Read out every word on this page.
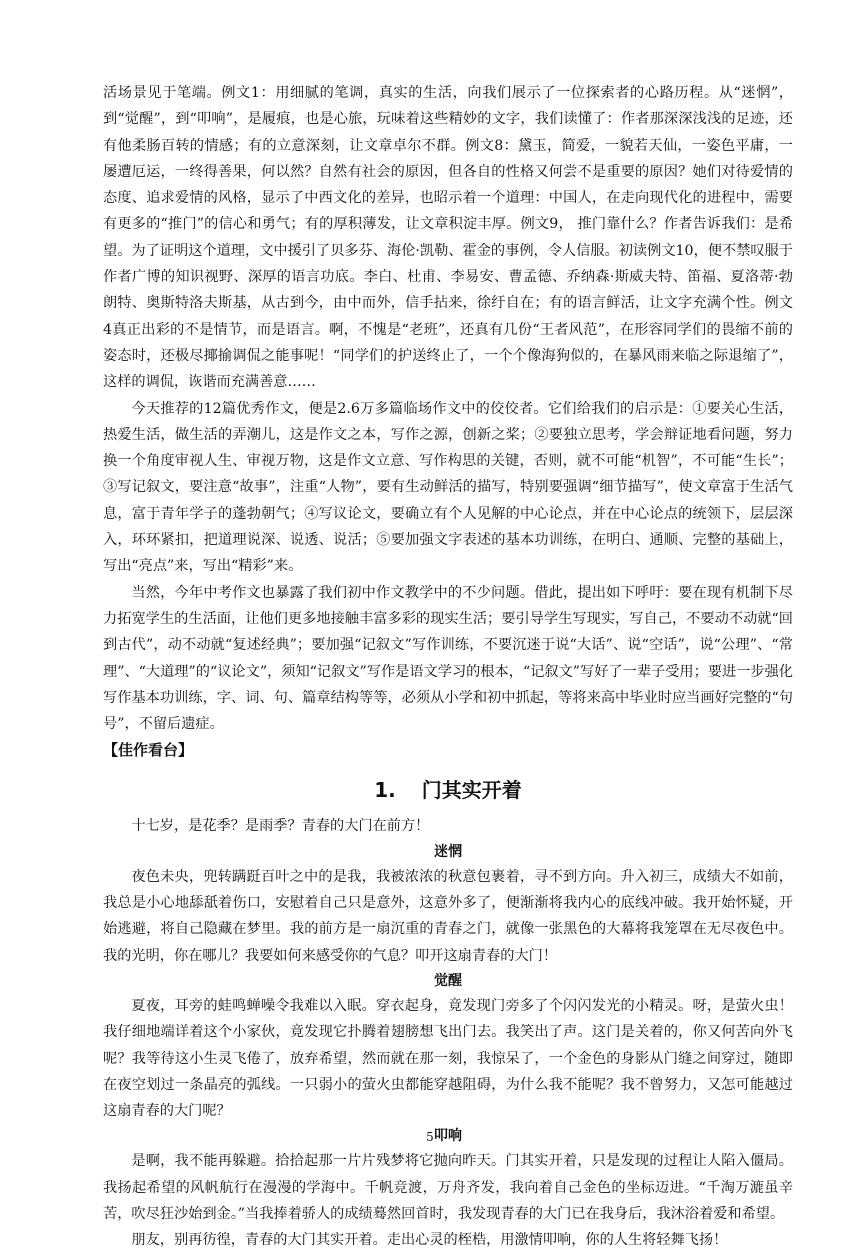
活场景见于笔端。例文1：用细腻的笔调，真实的生活，向我们展示了一位探索者的心路历程。从“迷惘”，到“觉醒”，到“叩响”，是履痕，也是心旅，玩味着这些精妙的文字，我们读懂了：作者那深深浅浅的足迹，还有他柔肠百转的情感；有的立意深刻，让文章卓尔不群。例文8：黛玉，简爱，一貌若天仙，一姿色平庸，一屡遭厄运，一终得善果，何以然？自然有社会的原因，但各自的性格又何尝不是重要的原因？她们对待爱情的态度、追求爱情的风格，显示了中西文化的差异，也昭示着一个道理：中国人，在走向现代化的进程中，需要有更多的“推门”的信心和勇气；有的厚积薄发，让文章积淀丰厚。例文9， 推门靠什么？作者告诉我们：是希望。为了证明这个道理，文中援引了贝多芬、海伦·凯勒、霍金的事例，令人信服。初读例文10，便不禁叹服于作者广博的知识视野、深厚的语言功底。李白、杜甫、李易安、曹孟德、乔纳森·斯威夫特、笛福、夏洛蒂·勃朗特、奥斯特洛夫斯基，从古到今，由中而外，信手拈来，徐纡自在；有的语言鲜活，让文字充满个性。例文4真正出彩的不是情节，而是语言。啊，不愧是“老班”，还真有几份“王者风范”，在形容同学们的畏缩不前的姿态时，还极尽揶揄调侃之能事呢！“同学们的护送终止了，一个个像海狗似的，在暴风雨来临之际退缩了”，这样的调侃，诙谐而充满善意……

今天推荐的12篇优秀作文，便是2.6万多篇临场作文中的佼佼者。它们给我们的启示是：①要关心生活，热爱生活，做生活的弄潮儿，这是作文之本，写作之源，创新之桨；②要独立思考，学会辩证地看问题，努力换一个角度审视人生、审视万物，这是作文立意、写作构思的关键，否则，就不可能“机智”，不可能“生长”；③写记叙文，要注意“故事”，注重“人物”，要有生动鲜活的描写，特别要强调“细节描写”，使文章富于生活气息，富于青年学子的蓬勃朝气；④写议论文，要确立有个人见解的中心论点，并在中心论点的统领下，层层深入，环环紧扣，把道理说深、说透、说活；⑤要加强文字表述的基本功训练，在明白、通顺、完整的基础上，写出“亮点”来，写出“精彩”来。

当然，今年中考作文也暴露了我们初中作文教学中的不少问题。借此，提出如下呼吁：要在现有机制下尽力拓宽学生的生活面，让他们更多地接触丰富多彩的现实生活；要引导学生写现实，写自己，不要动不动就“回到古代”，动不动就“复述经典”；要加强“记叙文”写作训练，不要沉迷于说“大话”、说“空话”，说“公理”、“常理”、“大道理”的“议论文”，须知“记叙文”写作是语文学习的根本，“记叙文”写好了一辈子受用；要进一步强化写作基本功训练，字、词、句、篇章结构等等，必须从小学和初中抓起，等将来高中毕业时应当画好完整的“句号”，不留后遗症。

【佳作看台】
1. 门其实开着

十七岁，是花季？是雨季？青春的大门在前方！

迷惘

夜色未央，兜转蹒跹百叶之中的是我，我被浓浓的秋意包裹着，寻不到方向。升入初三，成绩大不如前，我总是小心地舔舐着伤口，安慰着自己只是意外，这意外多了，便渐渐将我内心的底线冲破。我开始怀疑，开始逃避，将自己隐藏在梦里。我的前方是一扇沉重的青春之门，就像一张黑色的大幕将我笼罩在无尽夜色中。我的光明，你在哪儿？我要如何来感受你的气息？叩开这扇青春的大门！

觉醒

夏夜，耳旁的蛙鸣蝉噪令我难以入眠。穿衣起身，竟发现门旁多了个闪闪发光的小精灵。呀，是萤火虫！我仔细地端详着这个小家伙，竟发现它扑腾着翅膀想飞出门去。我笑出了声。这门是关着的，你又何苦向外飞呢？我等待这小生灵飞倦了，放弃希望，然而就在那一刻，我惊呆了，一个金色的身影从门缝之间穿过，随即在夜空划过一条晶亮的弧线。一只弱小的萤火虫都能穿越阻碍，为什么我不能呢？我不曾努力，又怎可能越过这扇青春的大门呢？

叩响

是啊，我不能再躲避。拾拾起那一片片残梦将它抛向昨天。门其实开着，只是发现的过程让人陷入僵局。我扬起希望的风帆航行在漫漫的学海中。千帆竞渡，万舟齐发，我向着自己金色的坐标迈进。“千淘万漉虽辛苦，吹尽狂沙始到金。”当我捧着骄人的成绩蓦然回首时，我发现青春的大门已在我身后，我沐浴着爱和希望。

朋友，别再彷徨，青春的大门其实开着。走出心灵的桎梏，用激情叩响，你的人生将轻舞飞扬！

5
